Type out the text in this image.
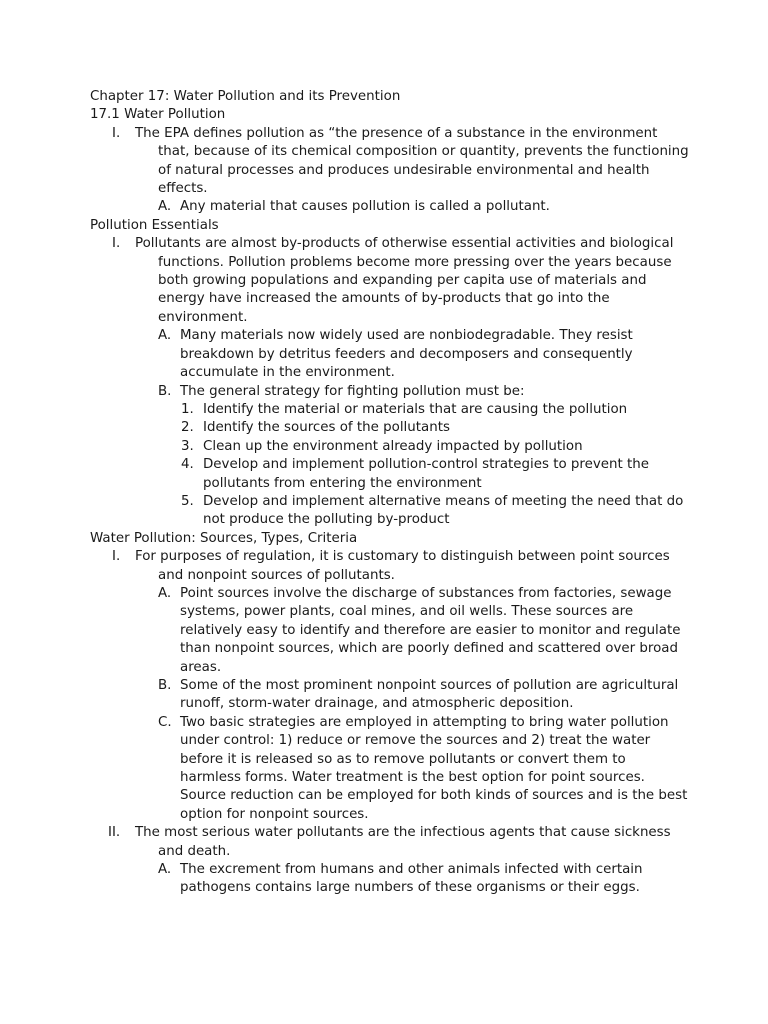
Chapter 17: Water Pollution and its Prevention

17.1 Water Pollution

I.	The EPA defines pollution as “the presence of a substance in the environment that, because of its chemical composition or quantity, prevents the functioning of natural processes and produces undesirable environmental and health effects.
A. Any material that causes pollution is called a pollutant.

Pollution Essentials

I.	Pollutants are almost by-products of otherwise essential activities and biological functions. Pollution problems become more pressing over the years because both growing populations and expanding per capita use of materials and energy have increased the amounts of by-products that go into the environment.
A. Many materials now widely used are nonbiodegradable. They resist breakdown by detritus feeders and decomposers and consequently accumulate in the environment.
B. The general strategy for fighting pollution must be:
1. Identify the material or materials that are causing the pollution
2. Identify the sources of the pollutants
3. Clean up the environment already impacted by pollution
4. Develop and implement pollution-control strategies to prevent the pollutants from entering the environment
5. Develop and implement alternative means of meeting the need that do not produce the polluting by-product

Water Pollution: Sources, Types, Criteria

I.	For purposes of regulation, it is customary to distinguish between point sources and nonpoint sources of pollutants.
A. Point sources involve the discharge of substances from factories, sewage systems, power plants, coal mines, and oil wells. These sources are relatively easy to identify and therefore are easier to monitor and regulate than nonpoint sources, which are poorly defined and scattered over broad areas.
B. Some of the most prominent nonpoint sources of pollution are agricultural runoff, storm-water drainage, and atmospheric deposition.
C. Two basic strategies are employed in attempting to bring water pollution under control: 1) reduce or remove the sources and 2) treat the water before it is released so as to remove pollutants or convert them to harmless forms. Water treatment is the best option for point sources. Source reduction can be employed for both kinds of sources and is the best option for nonpoint sources.
II.	The most serious water pollutants are the infectious agents that cause sickness and death.
A. The excrement from humans and other animals infected with certain pathogens contains large numbers of these organisms or their eggs.
